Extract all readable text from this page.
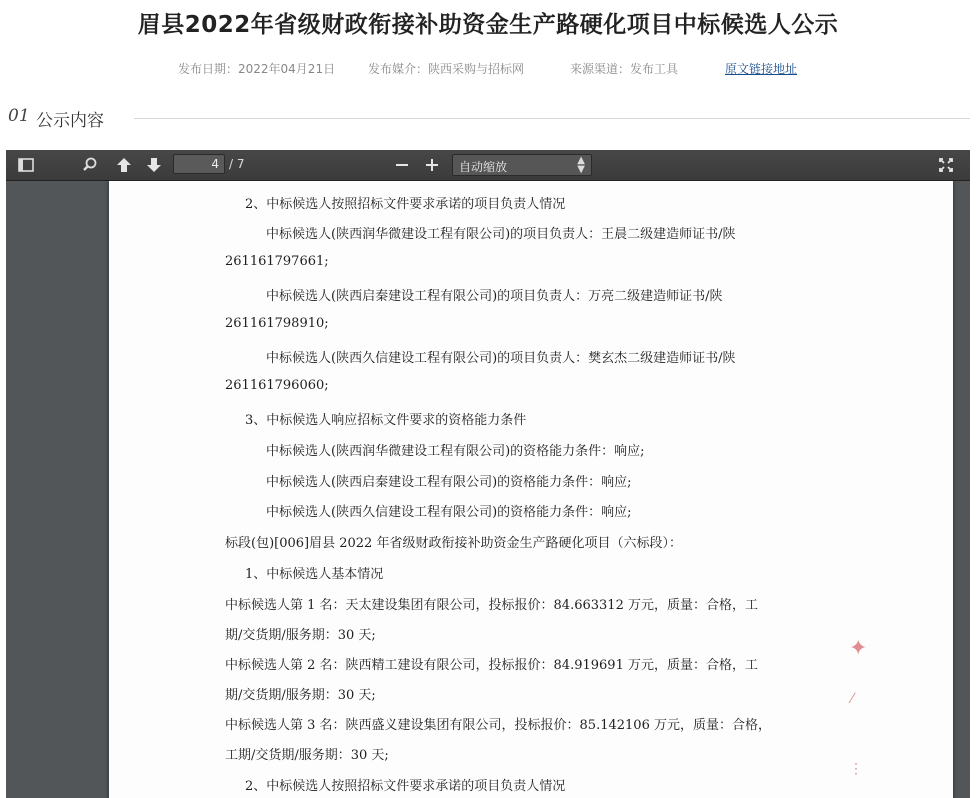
眉县2022年省级财政衔接补助资金生产路硬化项目中标候选人公示
发布日期：2022年04月21日	发布媒介：陕西采购与招标网	来源渠道：发布工具	原文链接地址
01 公示内容
4
/ 7	自动缩放	▲
▼
2、中标候选人按照招标文件要求承诺的项目负责人情况
中标候选人(陕西润华微建设工程有限公司)的项目负责人：王晨二级建造师证书/陕
261161797661;
中标候选人(陕西启秦建设工程有限公司)的项目负责人：万亮二级建造师证书/陕
261161798910;
中标候选人(陕西久信建设工程有限公司)的项目负责人：樊玄杰二级建造师证书/陕
261161796060;
3、中标候选人响应招标文件要求的资格能力条件
中标候选人(陕西润华微建设工程有限公司)的资格能力条件：响应;
中标候选人(陕西启秦建设工程有限公司)的资格能力条件：响应;
中标候选人(陕西久信建设工程有限公司)的资格能力条件：响应;
标段(包)[006]眉县 2022 年省级财政衔接补助资金生产路硬化项目（六标段）：
1、中标候选人基本情况
中标候选人第 1 名：天太建设集团有限公司，投标报价：84.663312 万元，质量：合格，工
期/交货期/服务期：30 天;
中标候选人第 2 名：陕西精工建设有限公司，投标报价：84.919691 万元，质量：合格，工
期/交货期/服务期：30 天;
中标候选人第 3 名：陕西盛义建设集团有限公司，投标报价：85.142106 万元，质量：合格，
工期/交货期/服务期：30 天;
2、中标候选人按照招标文件要求承诺的项目负责人情况
✦
⁄
⋮
